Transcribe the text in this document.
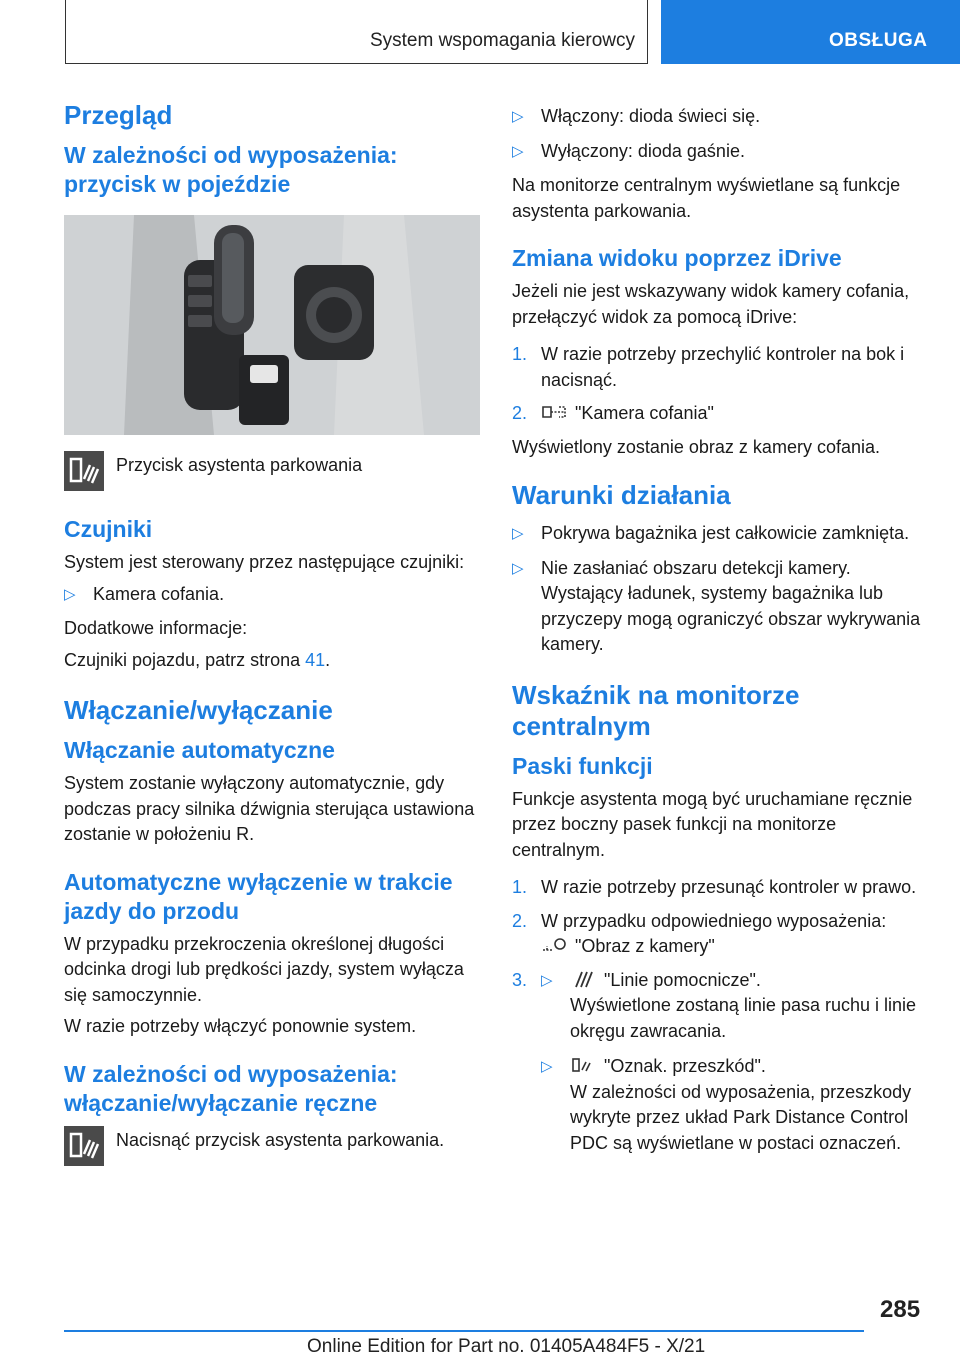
System wspomagania kierowcy	OBSŁUGA
Przegląd
W zależności od wyposażenia: przycisk w pojeździe
Przycisk asystenta parkowania
Czujniki

System jest sterowany przez następujące czujniki:

▷ Kamera cofania.

Dodatkowe informacje:

Czujniki pojazdu, patrz strona 41.

Włączanie/wyłączanie
Włączanie automatyczne

System zostanie wyłączony automatycznie, gdy podczas pracy silnika dźwignia sterująca ustawiona zostanie w położeniu R.

Automatyczne wyłączenie w trakcie jazdy do przodu

W przypadku przekroczenia określonej długości odcinka drogi lub prędkości jazdy, system wyłącza się samoczynnie.

W razie potrzeby włączyć ponownie system.

W zależności od wyposażenia: włączanie/wyłączanie ręczne
Nacisnąć przycisk asystenta parkowania.
▷ Włączony: dioda świeci się.
▷ Wyłączony: dioda gaśnie.

Na monitorze centralnym wyświetlane są funkcje asystenta parkowania.

Zmiana widoku poprzez iDrive

Jeżeli nie jest wskazywany widok kamery cofania, przełączyć widok za pomocą iDrive:

1. W razie potrzeby przechylić kontroler na bok i nacisnąć.
2.	"Kamera cofania"

Wyświetlony zostanie obraz z kamery cofania.

Warunki działania
▷ Pokrywa bagażnika jest całkowicie zamknięta.
▷ Nie zasłaniać obszaru detekcji kamery. Wystający ładunek, systemy bagażnika lub przyczepy mogą ograniczyć obszar wykrywania kamery.
Wskaźnik na monitorze centralnym
Paski funkcji

Funkcje asystenta mogą być uruchamiane ręcznie przez boczny pasek funkcji na monitorze centralnym.

1. W razie potrzeby przesunąć kontroler w prawo.
2. W przypadku odpowiedniego wyposażenia:
"Obraz z kamery"
3. ▷	"Linie pomocnicze".

Wyświetlone zostaną linie pasa ruchu i linie okręgu zawracania.

▷	"Oznak. przeszkód".

W zależności od wyposażenia, przeszkody wykryte przez układ Park Distance Control PDC są wyświetlane w postaci oznaczeń.

285
Online Edition for Part no. 01405A484F5 - X/21
